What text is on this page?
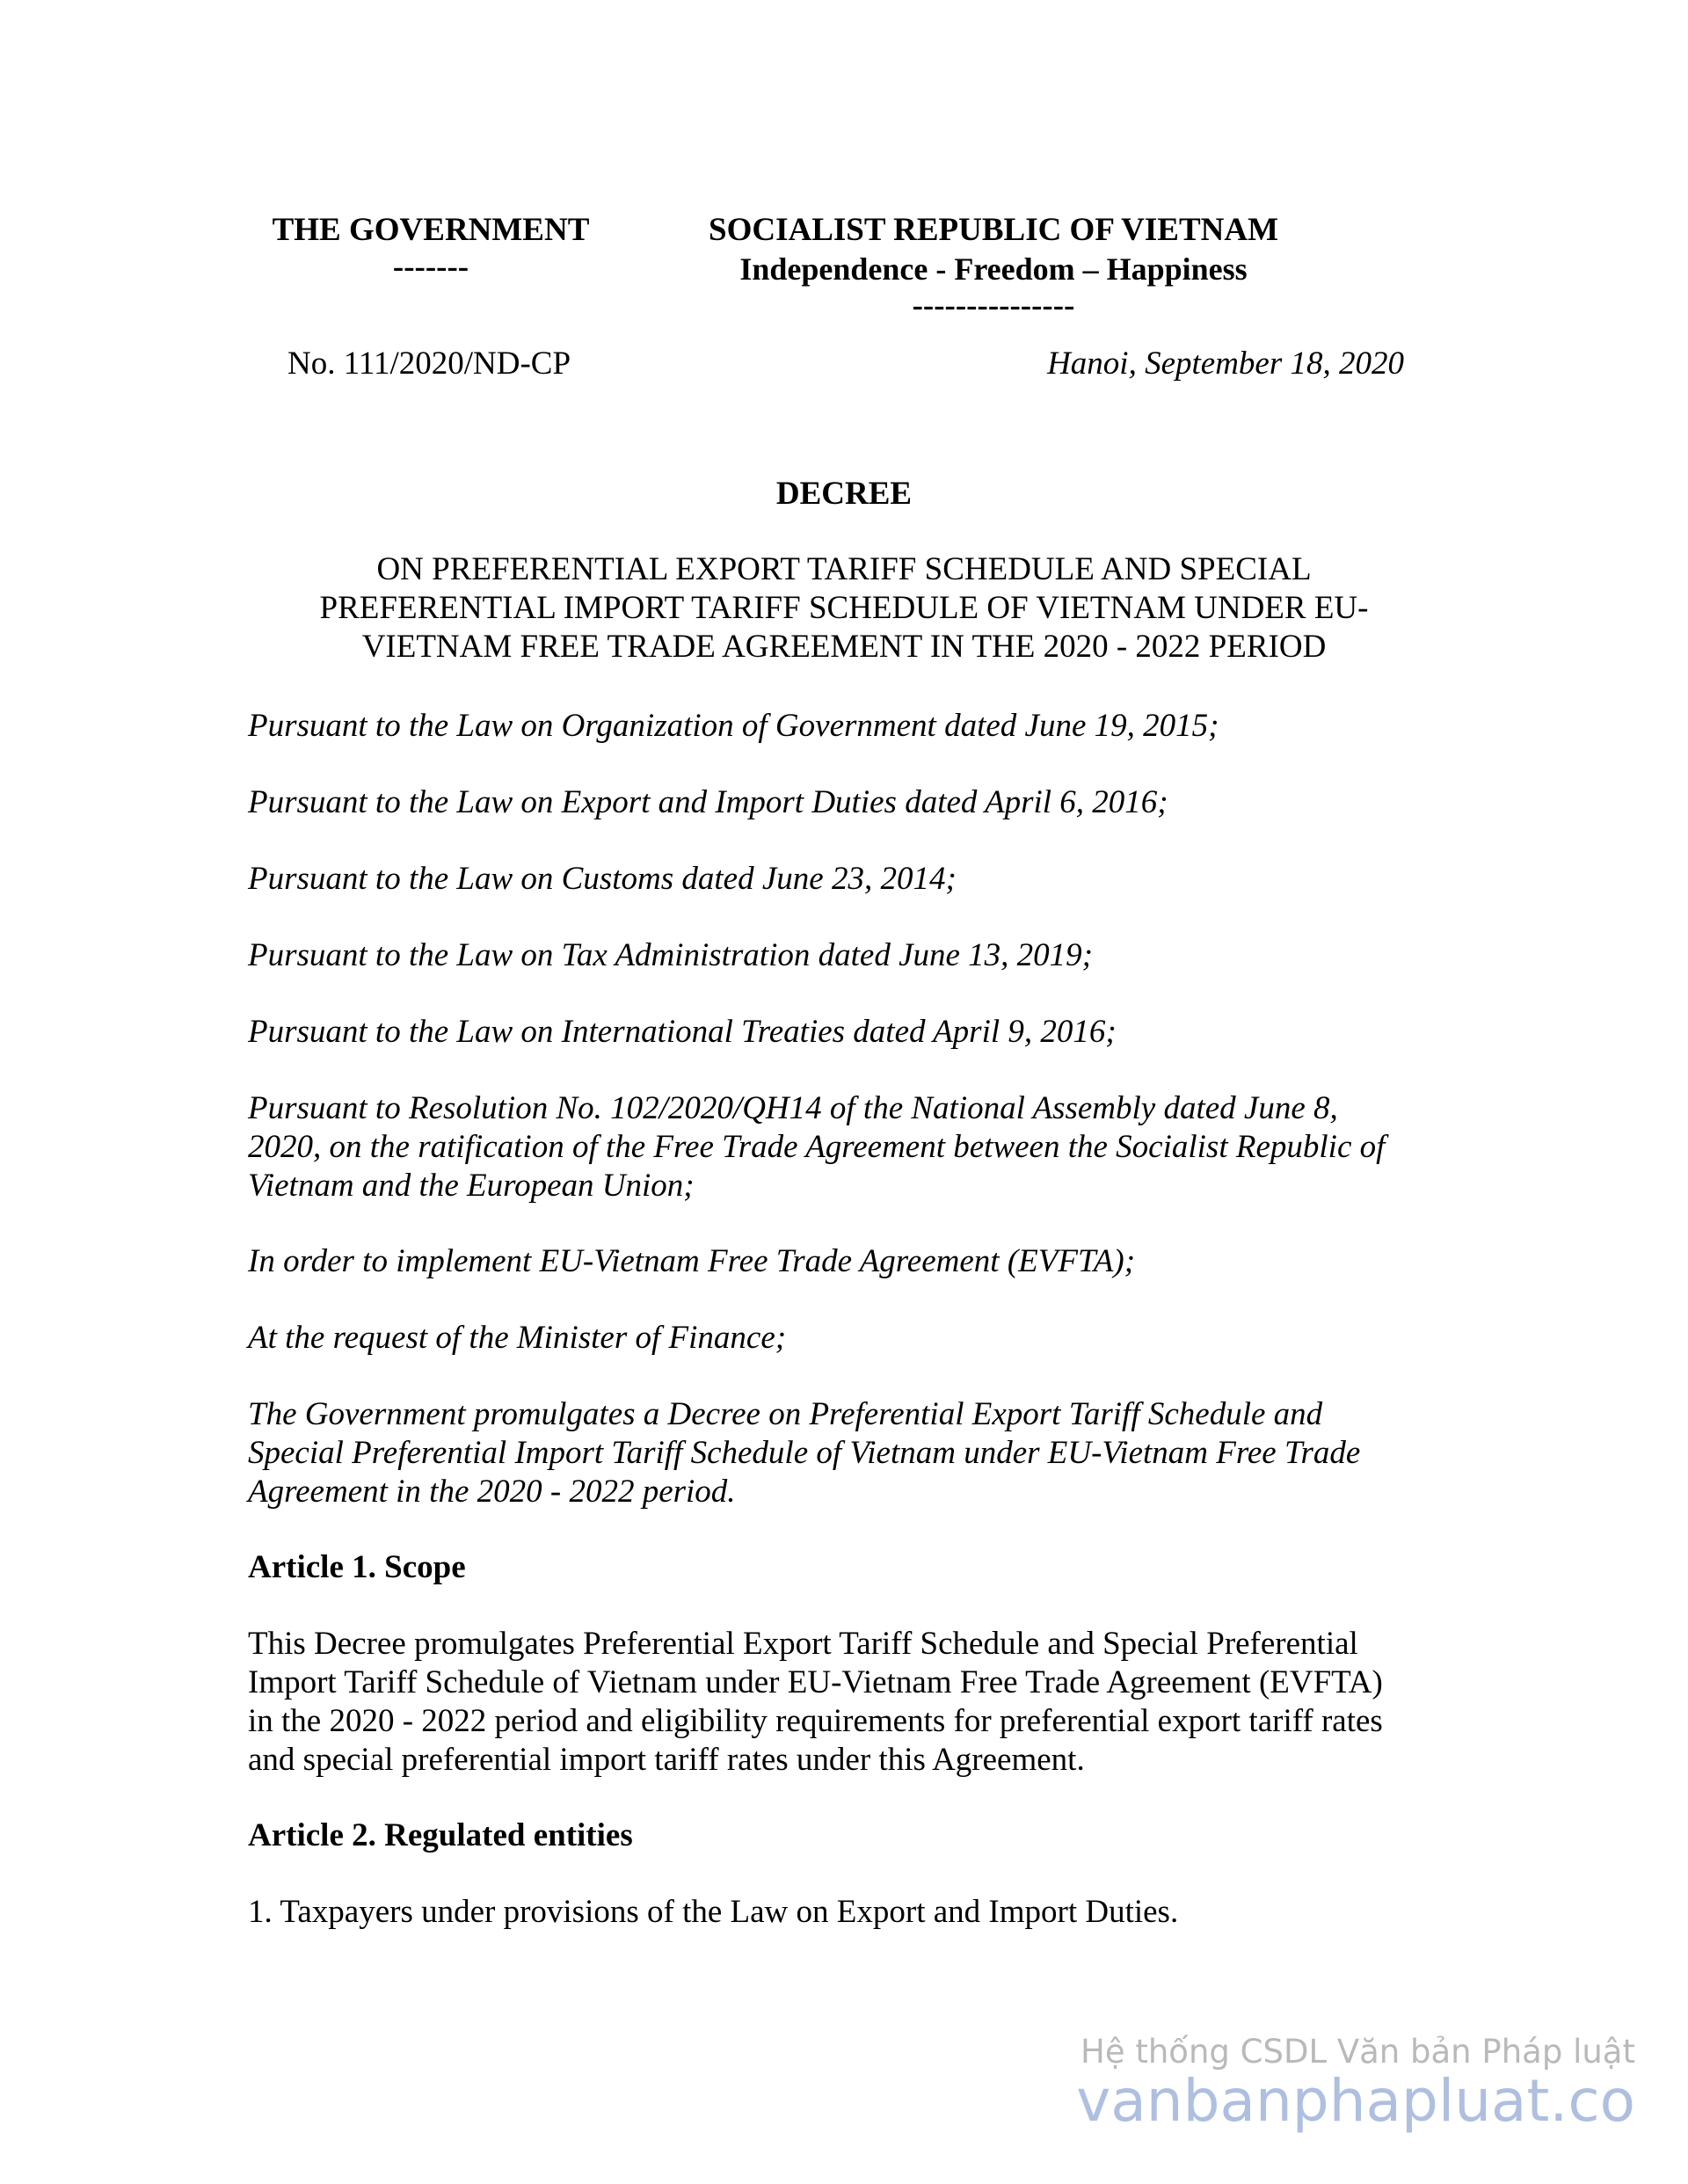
THE GOVERNMENT
-------
SOCIALIST REPUBLIC OF VIETNAM
Independence - Freedom – Happiness
---------------
No. 111/2020/ND-CP	Hanoi, September 18, 2020
DECREE
ON PREFERENTIAL EXPORT TARIFF SCHEDULE AND SPECIAL
PREFERENTIAL IMPORT TARIFF SCHEDULE OF VIETNAM UNDER EU-
VIETNAM FREE TRADE AGREEMENT IN THE 2020 - 2022 PERIOD
Pursuant to the Law on Organization of Government dated June 19, 2015;
Pursuant to the Law on Export and Import Duties dated April 6, 2016;
Pursuant to the Law on Customs dated June 23, 2014;
Pursuant to the Law on Tax Administration dated June 13, 2019;
Pursuant to the Law on International Treaties dated April 9, 2016;
Pursuant to Resolution No. 102/2020/QH14 of the National Assembly dated June 8,
2020, on the ratification of the Free Trade Agreement between the Socialist Republic of
Vietnam and the European Union;
In order to implement EU-Vietnam Free Trade Agreement (EVFTA);
At the request of the Minister of Finance;
The Government promulgates a Decree on Preferential Export Tariff Schedule and
Special Preferential Import Tariff Schedule of Vietnam under EU-Vietnam Free Trade
Agreement in the 2020 - 2022 period.
Article 1. Scope
This Decree promulgates Preferential Export Tariff Schedule and Special Preferential
Import Tariff Schedule of Vietnam under EU-Vietnam Free Trade Agreement (EVFTA)
in the 2020 - 2022 period and eligibility requirements for preferential export tariff rates
and special preferential import tariff rates under this Agreement.
Article 2. Regulated entities
1. Taxpayers under provisions of the Law on Export and Import Duties.
Hệ thống CSDL Văn bản Pháp luật
vanbanphapluat.co
